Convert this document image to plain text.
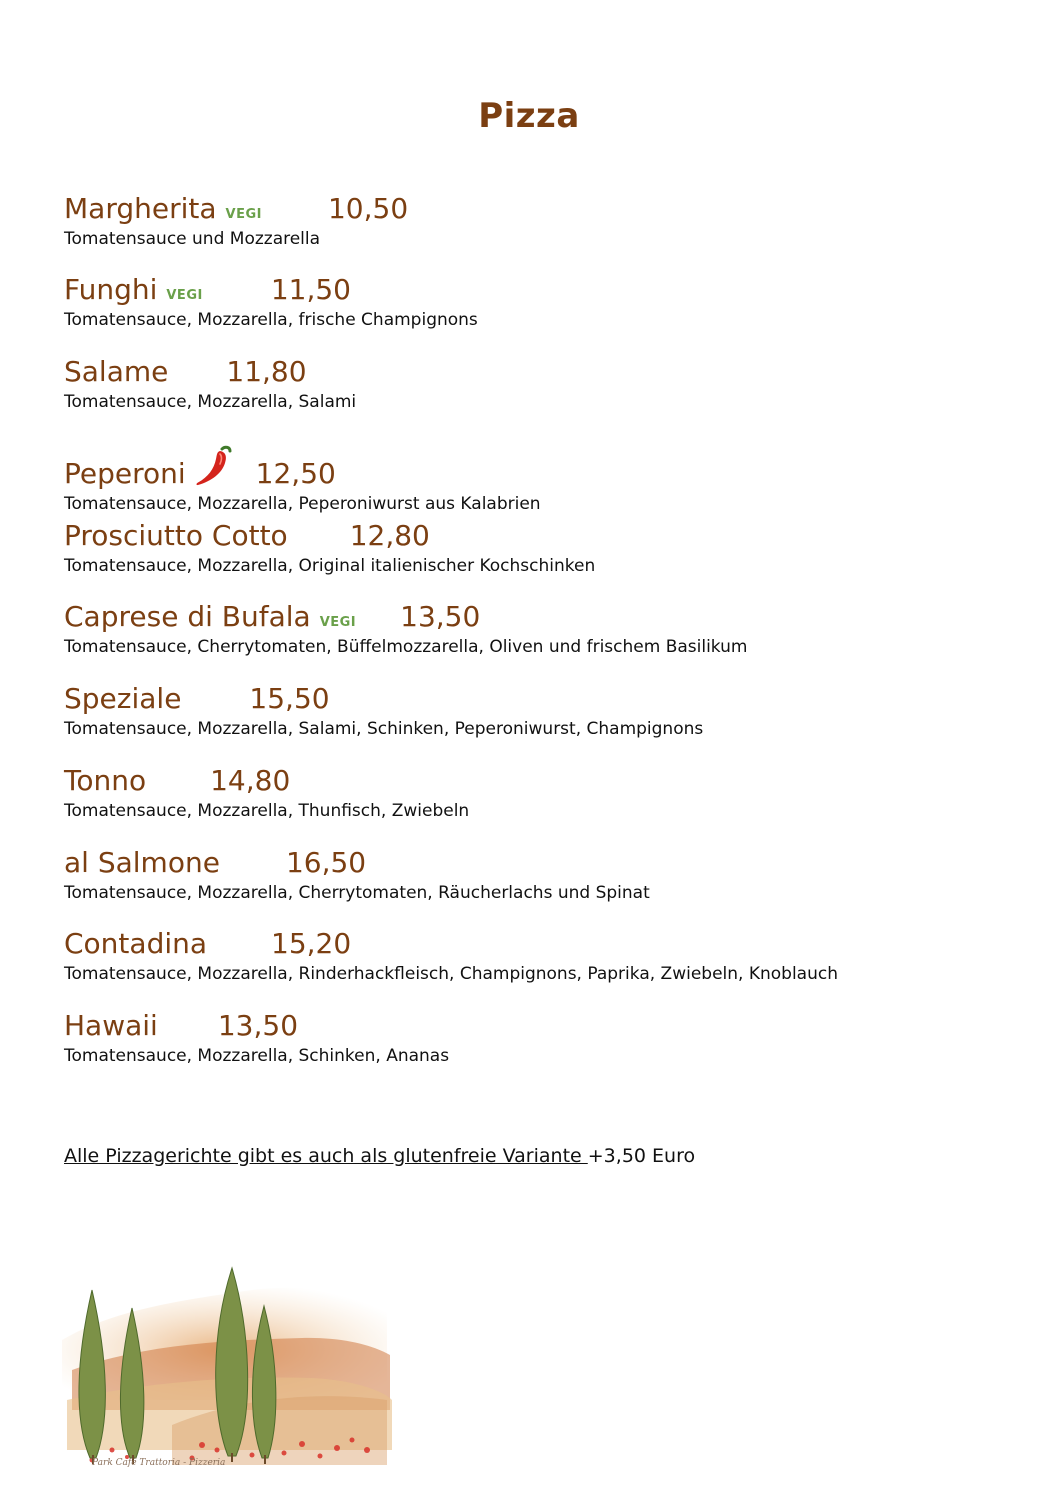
Pizza
Margherita VEGI 10,50
Tomatensauce und Mozzarella
Funghi VEGI 11,50
Tomatensauce, Mozzarella, frische Champignons
Salame 11,80
Tomatensauce, Mozzarella, Salami
Peperoni	12,50
Tomatensauce, Mozzarella, Peperoniwurst aus Kalabrien
Prosciutto Cotto 12,80
Tomatensauce, Mozzarella, Original italienischer Kochschinken
Caprese di Bufala VEGI 13,50
Tomatensauce, Cherrytomaten, Büffelmozzarella, Oliven und frischem Basilikum
Speziale 15,50
Tomatensauce, Mozzarella, Salami, Schinken, Peperoniwurst, Champignons
Tonno 14,80
Tomatensauce, Mozzarella, Thunfisch, Zwiebeln
al Salmone 16,50
Tomatensauce, Mozzarella, Cherrytomaten, Räucherlachs und Spinat
Contadina 15,20
Tomatensauce, Mozzarella, Rinderhackfleisch, Champignons, Paprika, Zwiebeln, Knoblauch
Hawaii 13,50
Tomatensauce, Mozzarella, Schinken, Ananas
Alle Pizzagerichte gibt es auch als glutenfreie Variante +3,50 Euro
Park Café Trattoria - Pizzeria
